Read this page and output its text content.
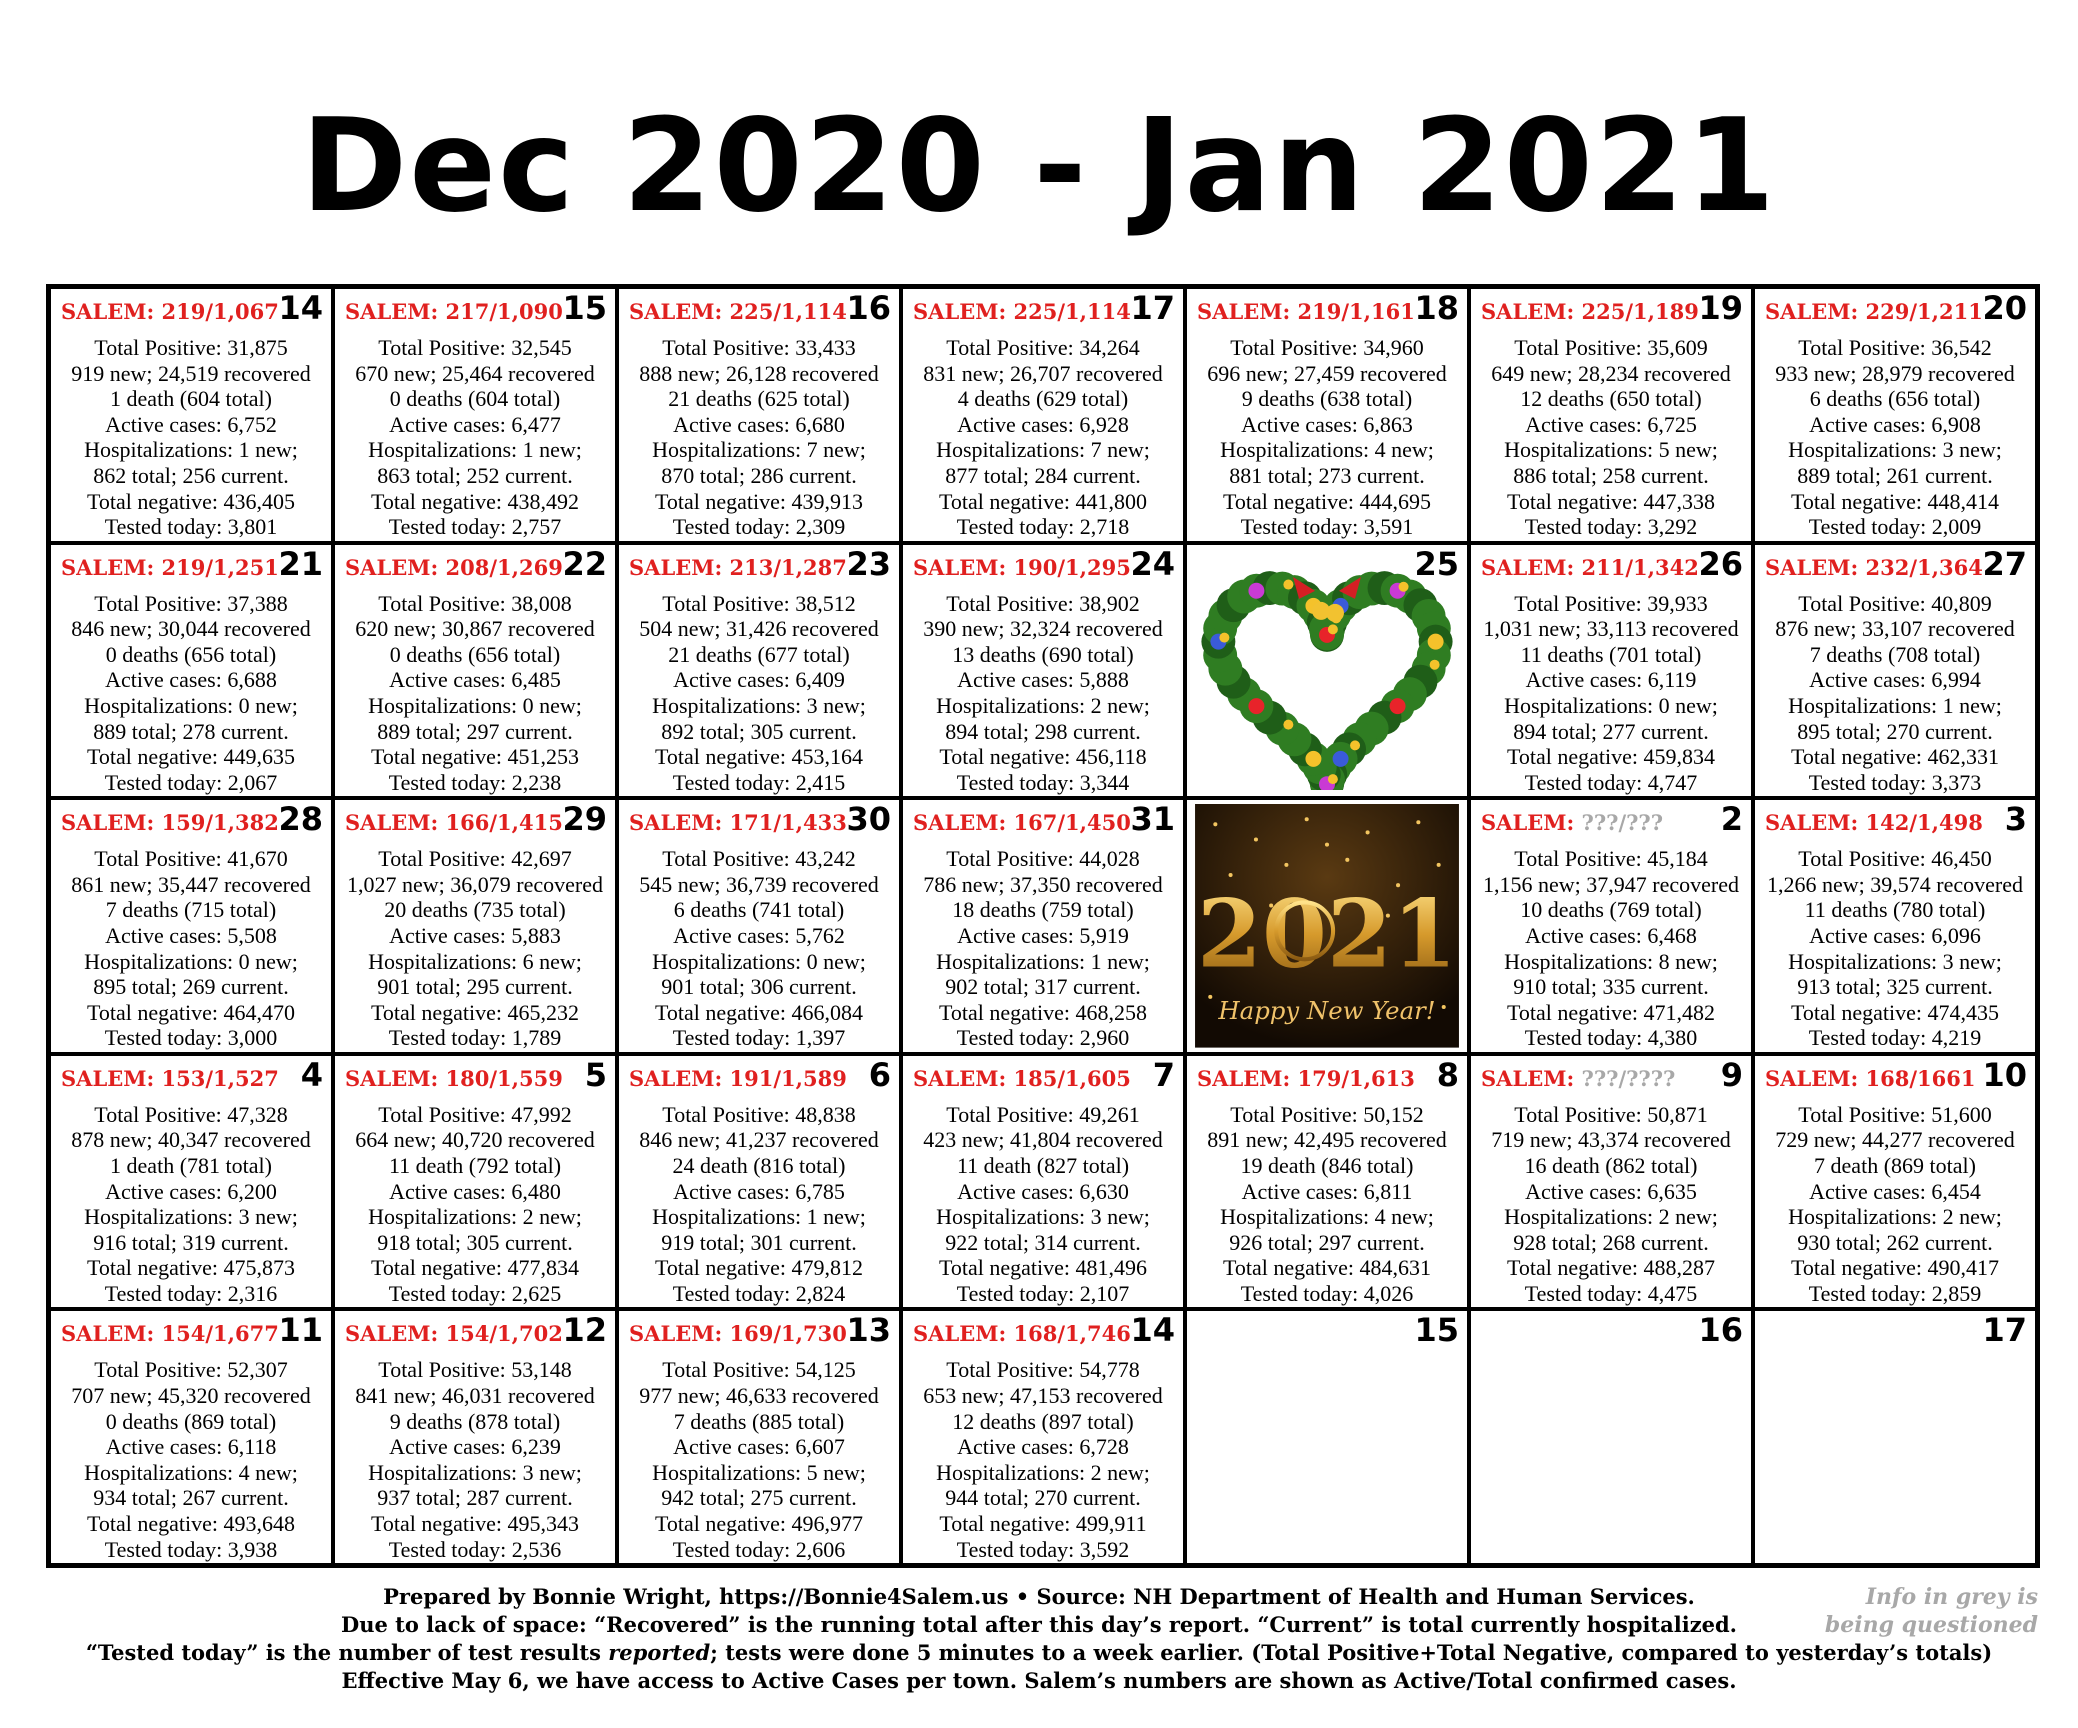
Dec 2020 - Jan 2021
SALEM: 219/1,067 14
Total Positive: 31,875
919 new; 24,519 recovered
1 death (604 total)
Active cases: 6,752
Hospitalizations: 1 new;
862 total; 256 current.
Total negative: 436,405
Tested today: 3,801
SALEM: 217/1,090 15
Total Positive: 32,545
670 new; 25,464 recovered
0 deaths (604 total)
Active cases: 6,477
Hospitalizations: 1 new;
863 total; 252 current.
Total negative: 438,492
Tested today: 2,757
SALEM: 225/1,114 16
Total Positive: 33,433
888 new; 26,128 recovered
21 deaths (625 total)
Active cases: 6,680
Hospitalizations: 7 new;
870 total; 286 current.
Total negative: 439,913
Tested today: 2,309
SALEM: 225/1,114 17
Total Positive: 34,264
831 new; 26,707 recovered
4 deaths (629 total)
Active cases: 6,928
Hospitalizations: 7 new;
877 total; 284 current.
Total negative: 441,800
Tested today: 2,718
SALEM: 219/1,161 18
Total Positive: 34,960
696 new; 27,459 recovered
9 deaths (638 total)
Active cases: 6,863
Hospitalizations: 4 new;
881 total; 273 current.
Total negative: 444,695
Tested today: 3,591
SALEM: 225/1,189 19
Total Positive: 35,609
649 new; 28,234 recovered
12 deaths (650 total)
Active cases: 6,725
Hospitalizations: 5 new;
886 total; 258 current.
Total negative: 447,338
Tested today: 3,292
SALEM: 229/1,211 20
Total Positive: 36,542
933 new; 28,979 recovered
6 deaths (656 total)
Active cases: 6,908
Hospitalizations: 3 new;
889 total; 261 current.
Total negative: 448,414
Tested today: 2,009
SALEM: 219/1,251 21
Total Positive: 37,388
846 new; 30,044 recovered
0 deaths (656 total)
Active cases: 6,688
Hospitalizations: 0 new;
889 total; 278 current.
Total negative: 449,635
Tested today: 2,067
SALEM: 208/1,269 22
Total Positive: 38,008
620 new; 30,867 recovered
0 deaths (656 total)
Active cases: 6,485
Hospitalizations: 0 new;
889 total; 297 current.
Total negative: 451,253
Tested today: 2,238
SALEM: 213/1,287 23
Total Positive: 38,512
504 new; 31,426 recovered
21 deaths (677 total)
Active cases: 6,409
Hospitalizations: 3 new;
892 total; 305 current.
Total negative: 453,164
Tested today: 2,415
SALEM: 190/1,295 24
Total Positive: 38,902
390 new; 32,324 recovered
13 deaths (690 total)
Active cases: 5,888
Hospitalizations: 2 new;
894 total; 298 current.
Total negative: 456,118
Tested today: 3,344
25 SALEM: 211/1,342 26
Total Positive: 39,933
1,031 new; 33,113 recovered
11 deaths (701 total)
Active cases: 6,119
Hospitalizations: 0 new;
894 total; 277 current.
Total negative: 459,834
Tested today: 4,747
SALEM: 232/1,364 27
Total Positive: 40,809
876 new; 33,107 recovered
7 deaths (708 total)
Active cases: 6,994
Hospitalizations: 1 new;
895 total; 270 current.
Total negative: 462,331
Tested today: 3,373
SALEM: 159/1,382 28
Total Positive: 41,670
861 new; 35,447 recovered
7 deaths (715 total)
Active cases: 5,508
Hospitalizations: 0 new;
895 total; 269 current.
Total negative: 464,470
Tested today: 3,000
SALEM: 166/1,415 29
Total Positive: 42,697
1,027 new; 36,079 recovered
20 deaths (735 total)
Active cases: 5,883
Hospitalizations: 6 new;
901 total; 295 current.
Total negative: 465,232
Tested today: 1,789
SALEM: 171/1,433 30
Total Positive: 43,242
545 new; 36,739 recovered
6 deaths (741 total)
Active cases: 5,762
Hospitalizations: 0 new;
901 total; 306 current.
Total negative: 466,084
Tested today: 1,397
SALEM: 167/1,450 31
Total Positive: 44,028
786 new; 37,350 recovered
18 deaths (759 total)
Active cases: 5,919
Hospitalizations: 1 new;
902 total; 317 current.
Total negative: 468,258
Tested today: 2,960
2021
Happy New Year!
SALEM: ???/??? 2
Total Positive: 45,184
1,156 new; 37,947 recovered
10 deaths (769 total)
Active cases: 6,468
Hospitalizations: 8 new;
910 total; 335 current.
Total negative: 471,482
Tested today: 4,380
SALEM: 142/1,498 3
Total Positive: 46,450
1,266 new; 39,574 recovered
11 deaths (780 total)
Active cases: 6,096
Hospitalizations: 3 new;
913 total; 325 current.
Total negative: 474,435
Tested today: 4,219
SALEM: 153/1,527 4
Total Positive: 47,328
878 new; 40,347 recovered
1 death (781 total)
Active cases: 6,200
Hospitalizations: 3 new;
916 total; 319 current.
Total negative: 475,873
Tested today: 2,316
SALEM: 180/1,559 5
Total Positive: 47,992
664 new; 40,720 recovered
11 death (792 total)
Active cases: 6,480
Hospitalizations: 2 new;
918 total; 305 current.
Total negative: 477,834
Tested today: 2,625
SALEM: 191/1,589 6
Total Positive: 48,838
846 new; 41,237 recovered
24 death (816 total)
Active cases: 6,785
Hospitalizations: 1 new;
919 total; 301 current.
Total negative: 479,812
Tested today: 2,824
SALEM: 185/1,605 7
Total Positive: 49,261
423 new; 41,804 recovered
11 death (827 total)
Active cases: 6,630
Hospitalizations: 3 new;
922 total; 314 current.
Total negative: 481,496
Tested today: 2,107
SALEM: 179/1,613 8
Total Positive: 50,152
891 new; 42,495 recovered
19 death (846 total)
Active cases: 6,811
Hospitalizations: 4 new;
926 total; 297 current.
Total negative: 484,631
Tested today: 4,026
SALEM: ???/???? 9
Total Positive: 50,871
719 new; 43,374 recovered
16 death (862 total)
Active cases: 6,635
Hospitalizations: 2 new;
928 total; 268 current.
Total negative: 488,287
Tested today: 4,475
SALEM: 168/1661 10
Total Positive: 51,600
729 new; 44,277 recovered
7 death (869 total)
Active cases: 6,454
Hospitalizations: 2 new;
930 total; 262 current.
Total negative: 490,417
Tested today: 2,859
SALEM: 154/1,677 11
Total Positive: 52,307
707 new; 45,320 recovered
0 deaths (869 total)
Active cases: 6,118
Hospitalizations: 4 new;
934 total; 267 current.
Total negative: 493,648
Tested today: 3,938
SALEM: 154/1,702 12
Total Positive: 53,148
841 new; 46,031 recovered
9 deaths (878 total)
Active cases: 6,239
Hospitalizations: 3 new;
937 total; 287 current.
Total negative: 495,343
Tested today: 2,536
SALEM: 169/1,730 13
Total Positive: 54,125
977 new; 46,633 recovered
7 deaths (885 total)
Active cases: 6,607
Hospitalizations: 5 new;
942 total; 275 current.
Total negative: 496,977
Tested today: 2,606
SALEM: 168/1,746 14
Total Positive: 54,778
653 new; 47,153 recovered
12 deaths (897 total)
Active cases: 6,728
Hospitalizations: 2 new;
944 total; 270 current.
Total negative: 499,911
Tested today: 3,592
15	16	17
Prepared by Bonnie Wright, https://Bonnie4Salem.us • Source: NH Department of Health and Human Services.
Due to lack of space: “Recovered” is the running total after this day’s report. “Current” is total currently hospitalized.
“Tested today” is the number of test results reported; tests were done 5 minutes to a week earlier. (Total Positive+Total Negative, compared to yesterday’s totals)
Effective May 6, we have access to Active Cases per town. Salem’s numbers are shown as Active/Total confirmed cases.
Info in grey is
being questioned
